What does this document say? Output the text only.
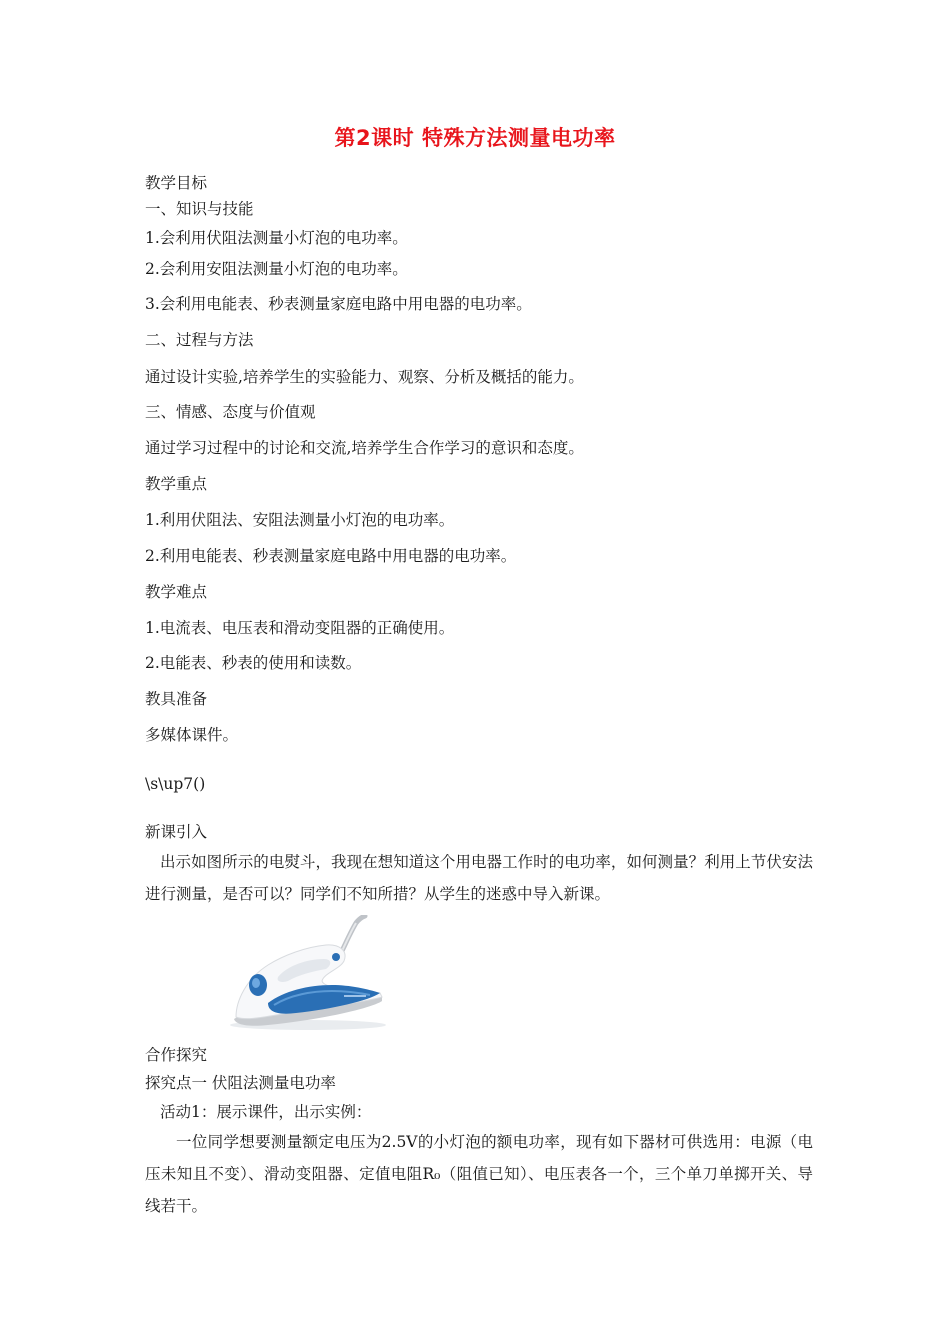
第2课时 特殊方法测量电功率
教学目标
一、知识与技能
1.会利用伏阻法测量小灯泡的电功率。
2.会利用安阻法测量小灯泡的电功率。
3.会利用电能表、秒表测量家庭电路中用电器的电功率。
二、过程与方法
通过设计实验,培养学生的实验能力、观察、分析及概括的能力。
三、情感、态度与价值观
通过学习过程中的讨论和交流,培养学生合作学习的意识和态度。
教学重点
1.利用伏阻法、安阻法测量小灯泡的电功率。
2.利用电能表、秒表测量家庭电路中用电器的电功率。
教学难点
1.电流表、电压表和滑动变阻器的正确使用。
2.电能表、秒表的使用和读数。
教具准备
多媒体课件。
\s\up7()
新课引入
出示如图所示的电熨斗，我现在想知道这个用电器工作时的电功率，如何测量？利用上节伏安法进行测量，是否可以？同学们不知所措？从学生的迷惑中导入新课。
合作探究
探究点一 伏阻法测量电功率
活动1：展示课件，出示实例：
一位同学想要测量额定电压为2.5V的小灯泡的额电功率，现有如下器材可供选用：电源（电压未知且不变）、滑动变阻器、定值电阻R₀（阻值已知）、电压表各一个，三个单刀单掷开关、导线若干。
